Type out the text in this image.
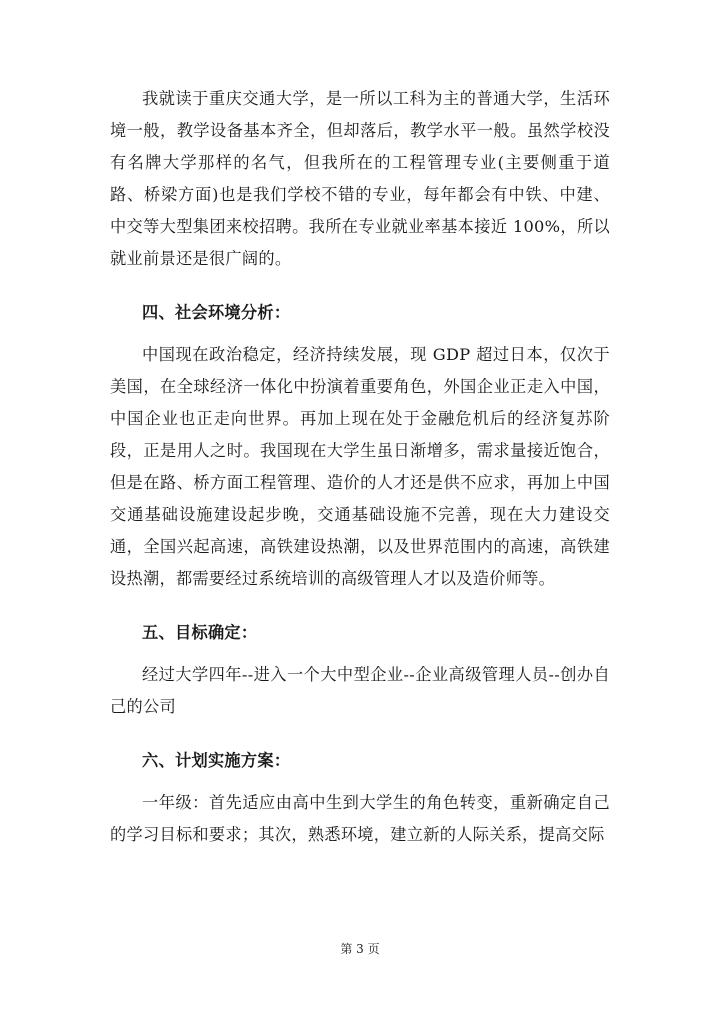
我就读于重庆交通大学，是一所以工科为主的普通大学，生活环境一般，教学设备基本齐全，但却落后，教学水平一般。虽然学校没有名牌大学那样的名气，但我所在的工程管理专业(主要侧重于道路、桥梁方面)也是我们学校不错的专业，每年都会有中铁、中建、中交等大型集团来校招聘。我所在专业就业率基本接近 100%，所以就业前景还是很广阔的。

四、社会环境分析：

中国现在政治稳定，经济持续发展，现 GDP 超过日本，仅次于美国，在全球经济一体化中扮演着重要角色，外国企业正走入中国，中国企业也正走向世界。再加上现在处于金融危机后的经济复苏阶段，正是用人之时。我国现在大学生虽日渐增多，需求量接近饱合，但是在路、桥方面工程管理、造价的人才还是供不应求，再加上中国交通基础设施建设起步晚，交通基础设施不完善，现在大力建设交通，全国兴起高速，高铁建设热潮，以及世界范围内的高速，高铁建设热潮，都需要经过系统培训的高级管理人才以及造价师等。

五、目标确定：

经过大学四年--进入一个大中型企业--企业高级管理人员--创办自己的公司

六、计划实施方案：

一年级：首先适应由高中生到大学生的角色转变，重新确定自己的学习目标和要求；其次，熟悉环境，建立新的人际关系，提高交际

第 3 页
